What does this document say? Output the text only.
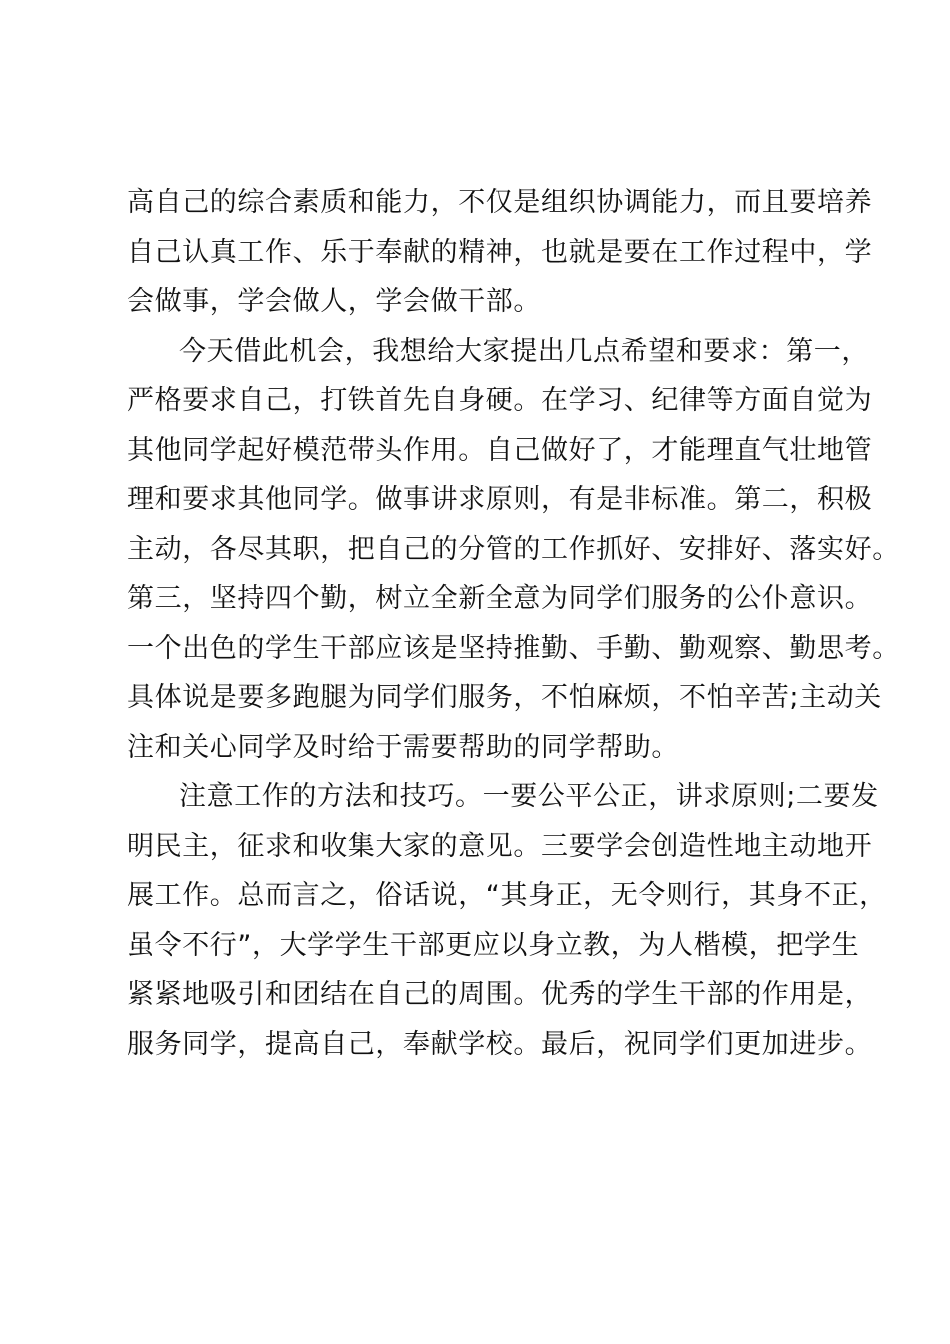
高自己的综合素质和能力，不仅是组织协调能力，而且要培养
自己认真工作、乐于奉献的精神，也就是要在工作过程中，学
会做事，学会做人，学会做干部。
今天借此机会，我想给大家提出几点希望和要求：第一，
严格要求自己，打铁首先自身硬。在学习、纪律等方面自觉为
其他同学起好模范带头作用。自己做好了，才能理直气壮地管
理和要求其他同学。做事讲求原则，有是非标准。第二，积极
主动，各尽其职，把自己的分管的工作抓好、安排好、落实好。
第三，坚持四个勤，树立全新全意为同学们服务的公仆意识。
一个出色的学生干部应该是坚持推勤、手勤、勤观察、勤思考。
具体说是要多跑腿为同学们服务，不怕麻烦，不怕辛苦;主动关
注和关心同学及时给于需要帮助的同学帮助。
注意工作的方法和技巧。一要公平公正，讲求原则;二要发
明民主，征求和收集大家的意见。三要学会创造性地主动地开
展工作。总而言之，俗话说，“其身正，无令则行，其身不正，
虽令不行”，大学学生干部更应以身立教，为人楷模，把学生
紧紧地吸引和团结在自己的周围。优秀的学生干部的作用是，
服务同学，提高自己，奉献学校。最后，祝同学们更加进步。
